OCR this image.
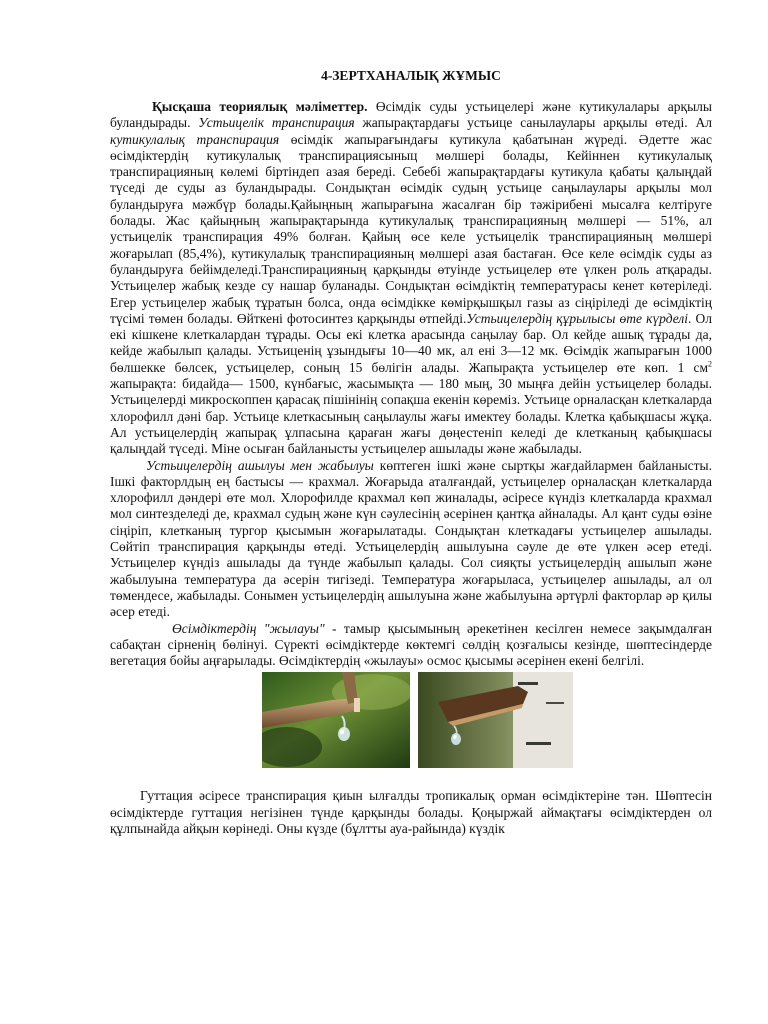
4-ЗЕРТХАНАЛЫҚ ЖҰМЫС

Қысқаша теориялық мәліметтер. Өсімдік суды устьицелері және кутикулалары арқылы буландырады. Устьицелік транспирация жапырақтардағы устьице санылаулары арқылы өтеді. Ал кутикулалық транспирация өсімдік жапырағындағы кутикула қабатынан жүреді. Әдетте жас өсімдіктердің кутикулалық транспирациясыныц мөлшері болады, Кейіннен кутикулалық транспирацияның көлемі біртіндеп азая береді. Себебі жапырақтардағы кутикула қабаты қалыңдай түседі де суды аз буландырады. Сондықтан өсімдік судың устьице саңылаулары арқылы мол буландыруға мәжбүр болады.Қайыңның жапырағына жасалған бір тәжірибені мысалға келтіруге болады. Жас қайыңның жапырақтарында кутикулалық транспирацияның мөлшері — 51%, ал устьицелік транспирация 49% болған. Қайың өсе келе устьицелік транспирацияның мөлшері жоғарылап (85,4%), кутикулалық транспирацияның мөлшері азая бастаған. Өсе келе өсімдік суды аз буландыруға бейімделеді.Транспирацияның қарқынды өтуінде устьицелер өте үлкен роль атқарады. Устьицелер жабық кезде су нашар буланады. Сондықтан өсімдіктің температурасы кенет көтеріледі. Егер устьицелер жабық тұратын болса, онда өсімдікке көмірқышқыл газы аз сіңіріледі де өсімдіктің түсімі төмен болады. Өйткені фотосинтез қарқынды өтпейді.Устьицелердің құрылысы өте күрделі. Ол екі кішкене клеткалардан тұрады. Осы екі клетка арасында саңылау бар. Ол кейде ашық тұрады да, кейде жабылып қалады. Устьиценің ұзындығы 10—40 мк, ал ені 3—12 мк. Өсімдік жапырағын 1000 бөлшекке бөлсек, устьицелер, соның 15 бөлігін алады. Жапырақта устьицелер өте көп. 1 $см^2$ жапырақта: бидайда— 1500, күнбағыс, жасымықта — 180 мың, 30 мыңға дейін устьицелер болады. Устьицелерді микроскоппен қарасақ пішінінің сопақша екенін көреміз. Устьице орналасқан клеткаларда хлорофилл дәні бар. Устьице клеткасының саңылаулы жағы имектеу болады. Клетка қабықшасы жұқа. Ал устьицелердің жапырақ ұлпасына қараған жағы дөңестеніп келеді де клетканың қабықшасы қалыңдай түседі. Міне осыған байланысты устьицелер ашылады және жабылады.

Устьицелердің ашылуы мен жабылуы көптеген ішкі және сыртқы жағдайлармен байланысты. Ішкі факторлдың ең бастысы — крахмал. Жоғарыда аталғандай, устьицелер орналасқан клеткаларда хлорофилл дәндері өте мол. Хлорофилде крахмал көп жиналады, әсіресе күндіз клеткаларда крахмал мол синтезделеді де, крахмал судың және күн сәулесінің әсерінен қантқа айналады. Ал қант суды өзіне сіңіріп, клетканың тургор қысымын жоғарылатады. Сондықтан клеткадағы устьицелер ашылады. Сөйтіп транспирация қарқынды өтеді. Устьицелердің ашылуына сәуле де өте үлкен әсер етеді. Устьицелер күндіз ашылады да түнде жабылып қалады. Сол сияқты устьицелердің ашылып және жабылуына температура да әсерін тигізеді. Температура жоғарыласа, устьицелер ашылады, ал ол төмендесе, жабылады. Сонымен устьицелердің ашылуына және жабылуына әртүрлі факторлар әр қилы әсер етеді.

Өсімдіктердің "жылауы" - тамыр қысымының әрекетінен кесілген немесе зақымдалған сабақтан сірненің бөлінуі. Сүректі өсімдіктерде көктемгі сөлдің қозғалысы кезінде, шөптесіндерде вегетация бойы аңғарылады. Өсімдіктердің «жылауы» осмос қысымы әсерінен екені белгілі.

Гуттация әсіресе транспирация қиын ылғалды тропикалық орман өсімдіктеріне тән. Шөптесін өсімдіктерде гуттация негізінен түнде қарқынды болады. Қоңыржай аймақтағы өсімдіктерден ол құлпынайда айқын көрінеді. Оны күзде (бұлтты ауа-райында) күздік
